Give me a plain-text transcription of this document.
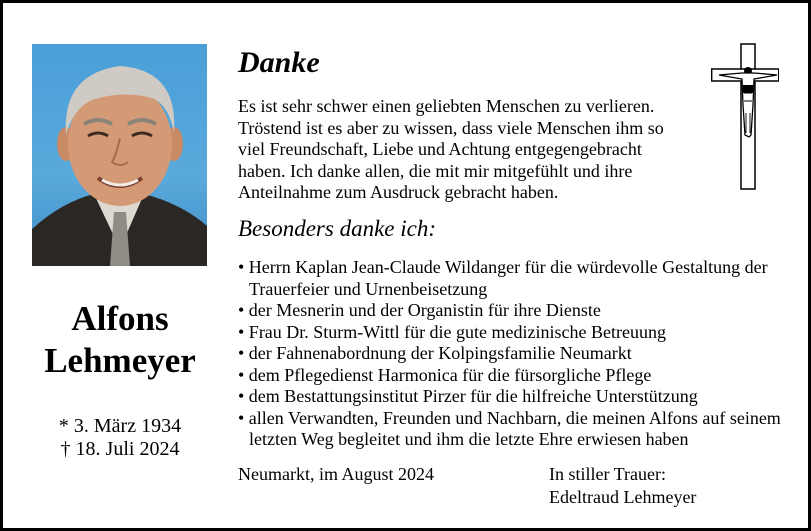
Alfons
Lehmeyer
* 3. März 1934
† 18. Juli 2024
Danke
Es ist sehr schwer einen geliebten Menschen zu verlieren.
Tröstend ist es aber zu wissen, dass viele Menschen ihm so
viel Freundschaft, Liebe und Achtung entgegengebracht
haben. Ich danke allen, die mit mir mitgefühlt und ihre
Anteilnahme zum Ausdruck gebracht haben.
Besonders danke ich:
• Herrn Kaplan Jean-Claude Wildanger für die würdevolle Gestaltung der Trauerfeier und Urnenbeisetzung
• der Mesnerin und der Organistin für ihre Dienste
• Frau Dr. Sturm-Wittl für die gute medizinische Betreuung
• der Fahnenabordnung der Kolpingsfamilie Neumarkt
• dem Pflegedienst Harmonica für die fürsorgliche Pflege
• dem Bestattungsinstitut Pirzer für die hilfreiche Unterstützung
• allen Verwandten, Freunden und Nachbarn, die meinen Alfons auf seinem letzten Weg begleitet und ihm die letzte Ehre erwiesen haben
Neumarkt, im August 2024	In stiller Trauer:
Edeltraud Lehmeyer
